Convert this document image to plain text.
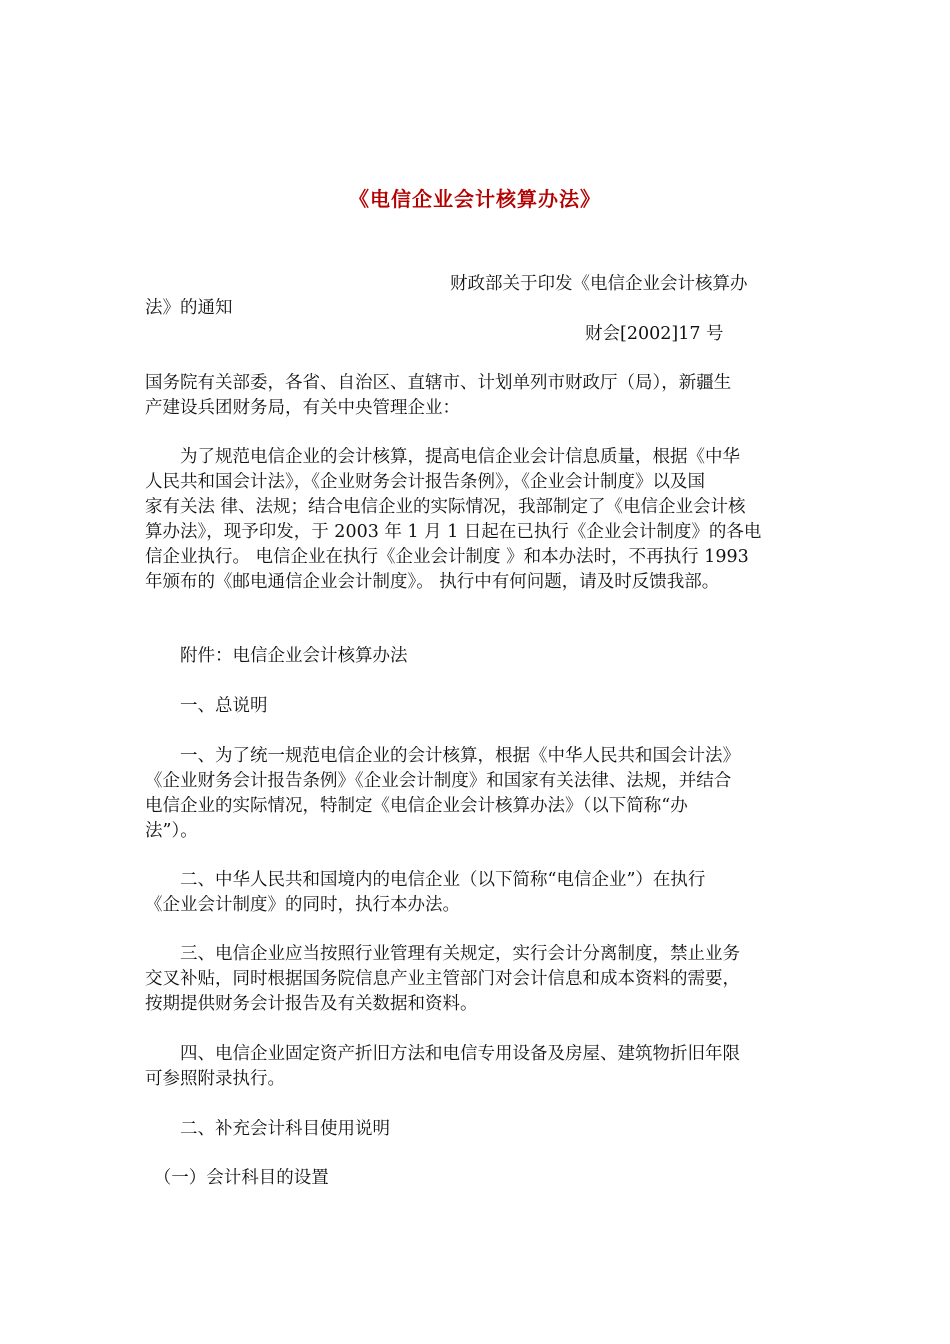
《电信企业会计核算办法》
财政部关于印发《电信企业会计核算办
法》的通知
财会[2002]17 号
国务院有关部委，各省、自治区、直辖市、计划单列市财政厅（局），新疆生
产建设兵团财务局，有关中央管理企业：
　　为了规范电信企业的会计核算，提高电信企业会计信息质量，根据《中华
人民共和国会计法》，《企业财务会计报告条例》，《企业会计制度》以及国
家有关法 律、法规；结合电信企业的实际情况，我部制定了《电信企业会计核
算办法》，现予印发，于 2003 年 1 月 1 日起在已执行《企业会计制度》的各电
信企业执行。 电信企业在执行《企业会计制度 》和本办法时，不再执行 1993
年颁布的《邮电通信企业会计制度》。 执行中有何问题，请及时反馈我部。
　　附件：电信企业会计核算办法
　　一、总说明
　　一、为了统一规范电信企业的会计核算，根据《中华人民共和国会计法》
《企业财务会计报告条例》《企业会计制度》和国家有关法律、法规，并结合
电信企业的实际情况，特制定《电信企业会计核算办法》（以下简称“办
法”）。
　　二、中华人民共和国境内的电信企业（以下简称“电信企业”）在执行
《企业会计制度》的同时，执行本办法。
　　三、电信企业应当按照行业管理有关规定，实行会计分离制度，禁止业务
交叉补贴，同时根据国务院信息产业主管部门对会计信息和成本资料的需要，
按期提供财务会计报告及有关数据和资料。
　　四、电信企业固定资产折旧方法和电信专用设备及房屋、建筑物折旧年限
可参照附录执行。
　　二、补充会计科目使用说明
　（一）会计科目的设置
